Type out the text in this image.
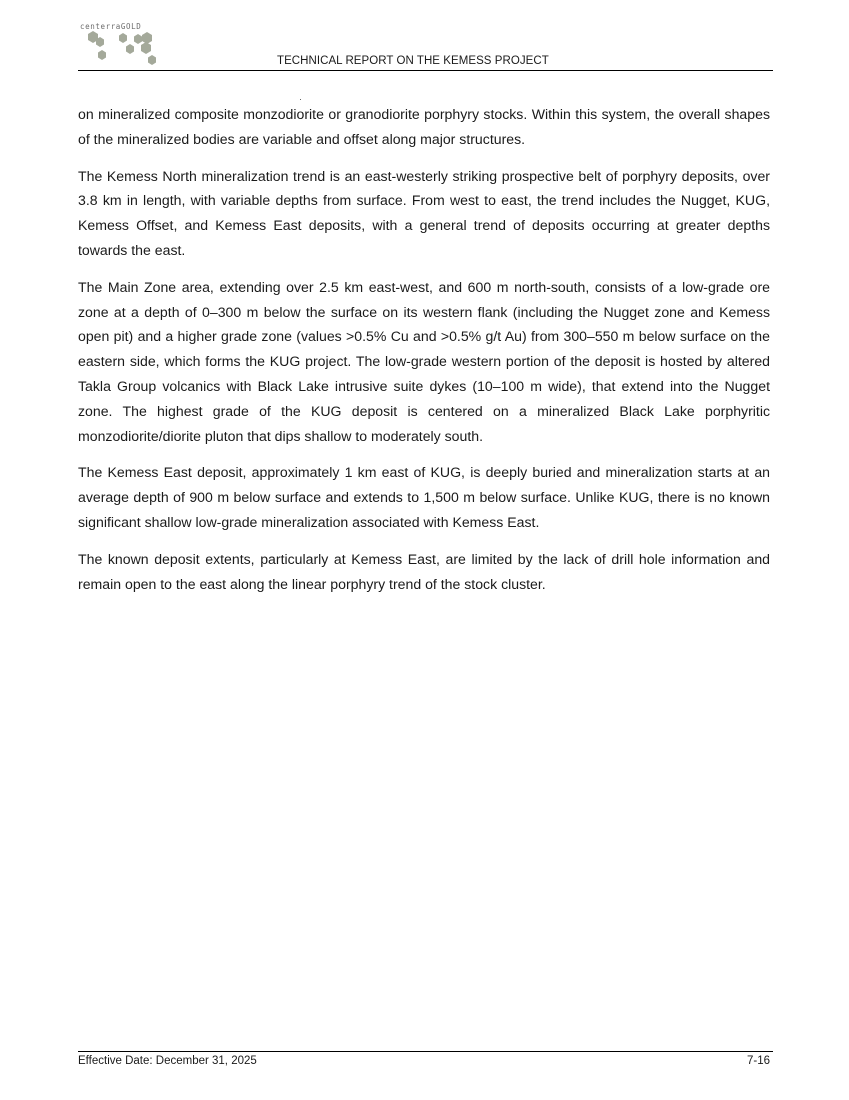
centerraGOLD
TECHNICAL REPORT ON THE KEMESS PROJECT

on mineralized composite monzodiorite or granodiorite porphyry stocks. Within this system, the overall shapes of the mineralized bodies are variable and offset along major structures.

The Kemess North mineralization trend is an east-westerly striking prospective belt of porphyry deposits, over 3.8 km in length, with variable depths from surface. From west to east, the trend includes the Nugget, KUG, Kemess Offset, and Kemess East deposits, with a general trend of deposits occurring at greater depths towards the east.

The Main Zone area, extending over 2.5 km east-west, and 600 m north-south, consists of a low-grade ore zone at a depth of 0–300 m below the surface on its western flank (including the Nugget zone and Kemess open pit) and a higher grade zone (values >0.5% Cu and >0.5% g/t Au) from 300–550 m below surface on the eastern side, which forms the KUG project. The low-grade western portion of the deposit is hosted by altered Takla Group volcanics with Black Lake intrusive suite dykes (10–100 m wide), that extend into the Nugget zone. The highest grade of the KUG deposit is centered on a mineralized Black Lake porphyritic monzodiorite/diorite pluton that dips shallow to moderately south.

The Kemess East deposit, approximately 1 km east of KUG, is deeply buried and mineralization starts at an average depth of 900 m below surface and extends to 1,500 m below surface. Unlike KUG, there is no known significant shallow low-grade mineralization associated with Kemess East.

The known deposit extents, particularly at Kemess East, are limited by the lack of drill hole information and remain open to the east along the linear porphyry trend of the stock cluster.

Effective Date: December 31, 2025	7-16
